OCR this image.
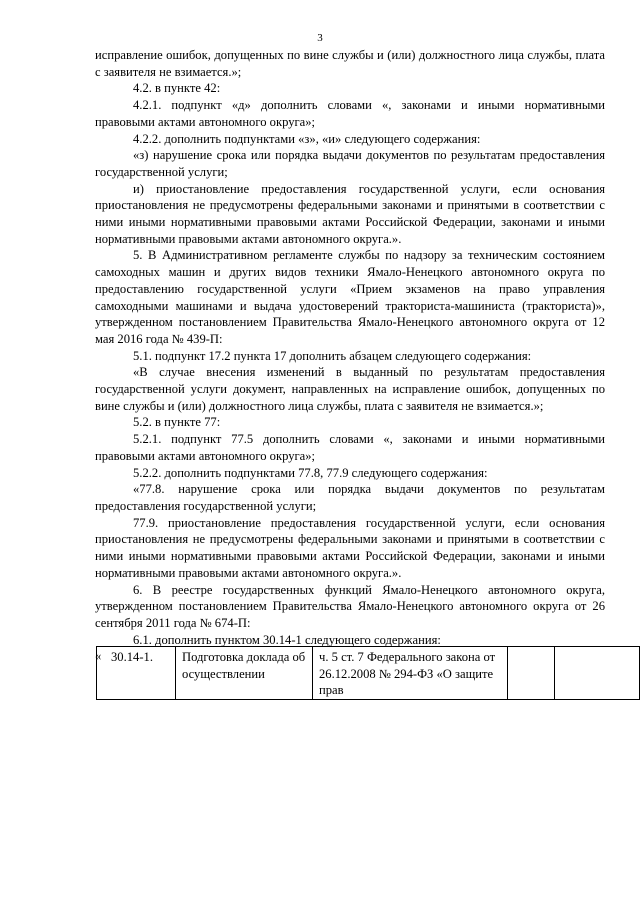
3

исправление ошибок, допущенных по вине службы и (или) должностного лица службы, плата с заявителя не взимается.»;

4.2. в пункте 42:

4.2.1. подпункт «д» дополнить словами «, законами и иными нормативными правовыми актами автономного округа»;

4.2.2. дополнить подпунктами «з», «и» следующего содержания:

«з) нарушение срока или порядка выдачи документов по результатам предоставления государственной услуги;

и) приостановление предоставления государственной услуги, если основания приостановления не предусмотрены федеральными законами и принятыми в соответствии с ними иными нормативными правовыми актами Российской Федерации, законами и иными нормативными правовыми актами автономного округа.».

5. В Административном регламенте службы по надзору за техническим состоянием самоходных машин и других видов техники Ямало-Ненецкого автономного округа по предоставлению государственной услуги «Прием экзаменов на право управления самоходными машинами и выдача удостоверений тракториста-машиниста (тракториста)», утвержденном постановлением Правительства Ямало-Ненецкого автономного округа от 12 мая 2016 года № 439-П:

5.1. подпункт 17.2 пункта 17 дополнить абзацем следующего содержания:

«В случае внесения изменений в выданный по результатам предоставления государственной услуги документ, направленных на исправление ошибок, допущенных по вине службы и (или) должностного лица службы, плата с заявителя не взимается.»;

5.2. в пункте 77:

5.2.1. подпункт 77.5 дополнить словами «, законами и иными нормативными правовыми актами автономного округа»;

5.2.2. дополнить подпунктами 77.8, 77.9 следующего содержания:

«77.8. нарушение срока или порядка выдачи документов по результатам предоставления государственной услуги;

77.9. приостановление предоставления государственной услуги, если основания приостановления не предусмотрены федеральными законами и принятыми в соответствии с ними иными нормативными правовыми актами Российской Федерации, законами и иными нормативными правовыми актами автономного округа.».

6. В реестре государственных функций Ямало-Ненецкого автономного округа, утвержденном постановлением Правительства Ямало-Ненецкого автономного округа от 26 сентября 2011 года № 674-П:

6.1. дополнить пунктом 30.14-1 следующего содержания:

« 30.14-1.	Подготовка доклада об осуществлении	ч. 5 ст. 7 Федерального закона от 26.12.2008 № 294-ФЗ «О защите прав		
